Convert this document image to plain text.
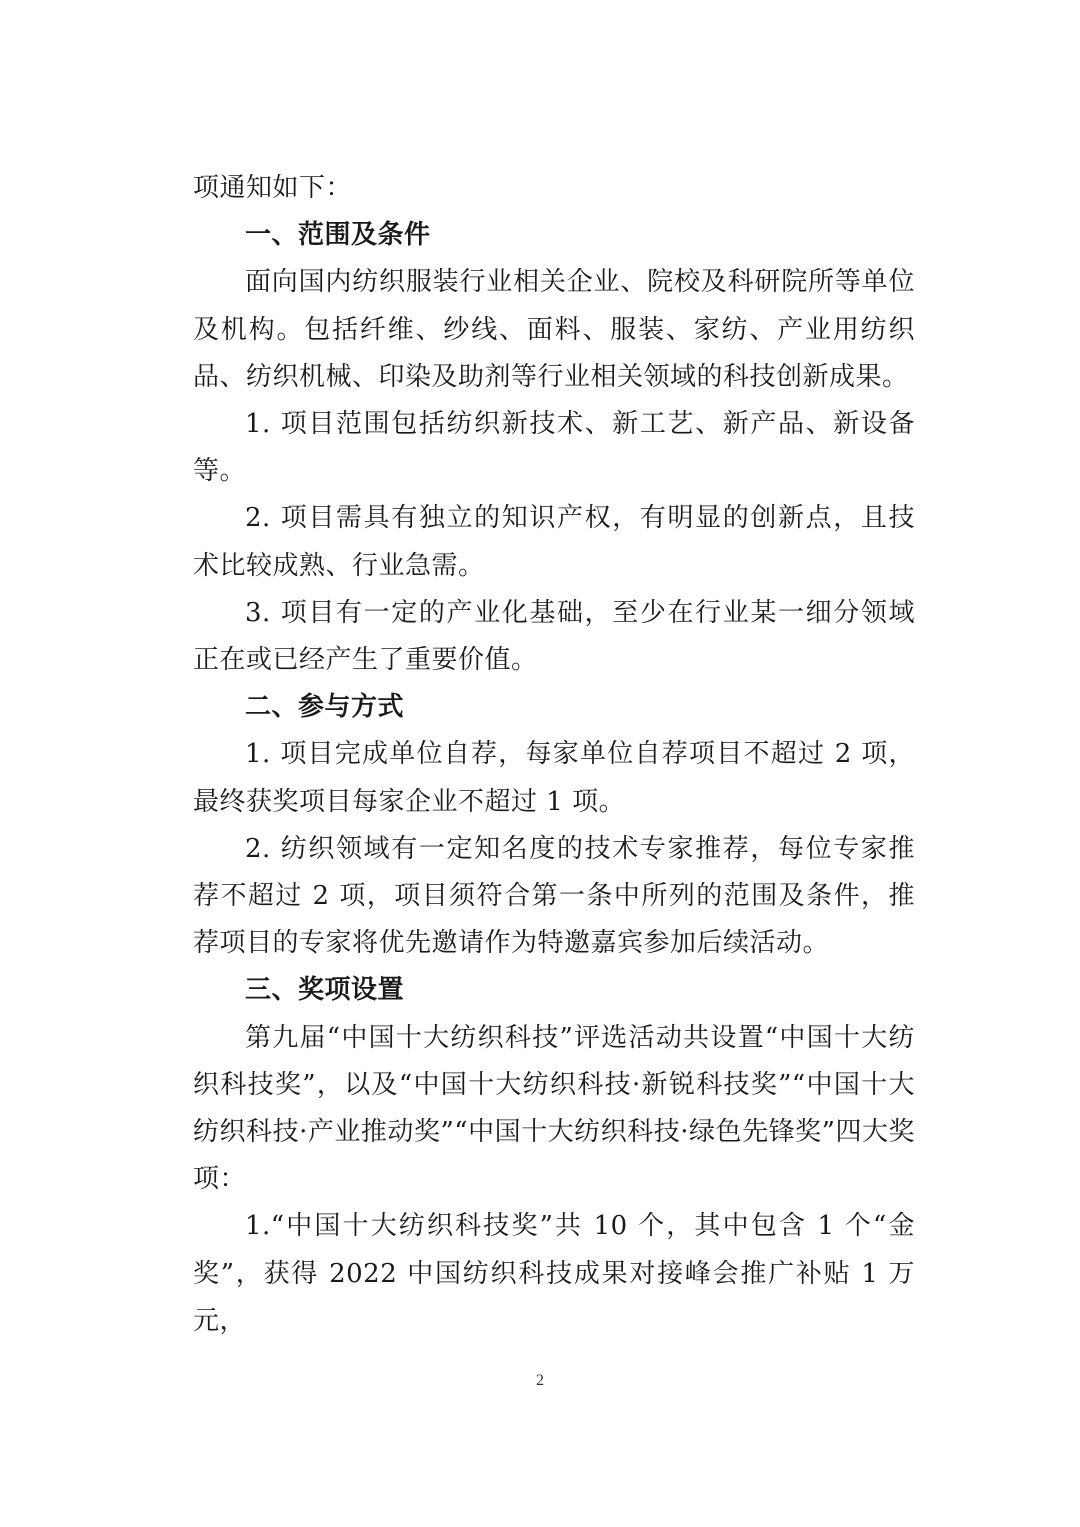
项通知如下：

一、范围及条件

面向国内纺织服装行业相关企业、院校及科研院所等单位及机构。包括纤维、纱线、面料、服装、家纺、产业用纺织品、纺织机械、印染及助剂等行业相关领域的科技创新成果。

1. 项目范围包括纺织新技术、新工艺、新产品、新设备等。

2. 项目需具有独立的知识产权，有明显的创新点，且技术比较成熟、行业急需。

3. 项目有一定的产业化基础，至少在行业某一细分领域正在或已经产生了重要价值。

二、参与方式

1. 项目完成单位自荐，每家单位自荐项目不超过 2 项，最终获奖项目每家企业不超过 1 项。

2. 纺织领域有一定知名度的技术专家推荐，每位专家推荐不超过 2 项，项目须符合第一条中所列的范围及条件，推荐项目的专家将优先邀请作为特邀嘉宾参加后续活动。

三、奖项设置

第九届“中国十大纺织科技”评选活动共设置“中国十大纺织科技奖”，以及“中国十大纺织科技·新锐科技奖”“中国十大纺织科技·产业推动奖”“中国十大纺织科技·绿色先锋奖”四大奖项：

1.“中国十大纺织科技奖”共 10 个，其中包含 1 个“金奖”，获得 2022 中国纺织科技成果对接峰会推广补贴 1 万元，

2
